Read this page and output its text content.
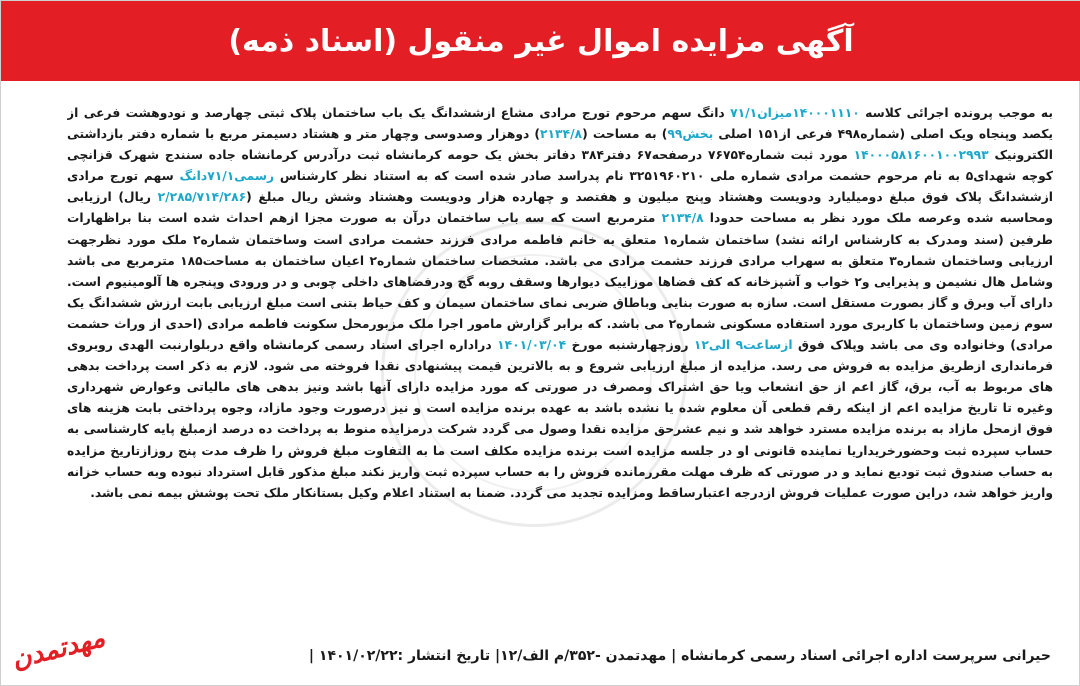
آگهی مزایده اموال غیر منقول (اسناد ذمه)
به موجب پرونده اجرائی کلاسه ۱۴۰۰۰۱۱۱۰میزان۷۱/۱ دانگ سهم مرحوم تورج مرادی مشاع ازششدانگ یک باب ساختمان پلاک ثبتی چهارصد و نودوهشت فرعی از یکصد وپنجاه ویک اصلی (شماره۴۹۸ فرعی از۱۵۱ اصلی بخش۹۹) به مساحت (۲۱۳۴/۸) دوهزار وصدوسی وچهار متر و هشتاد دسیمتر مربع با شماره دفتر بازداشتی الکترونیک ۱۴۰۰۰۵۸۱۶۰۰۱۰۰۲۹۹۳ مورد ثبت شماره۷۶۷۵۴ درصفحه۶۷ دفتر۳۸۴ دفاتر بخش یک حومه کرمانشاه ثبت درآدرس کرمانشاه جاده سنندج شهرک قزانچی کوچه شهدای۵ به نام مرحوم حشمت مرادی شماره ملی ۳۲۵۱۹۶۰۲۱۰ نام پدراسد صادر شده است که به استناد نظر کارشناس رسمی۷۱/۱دانگ سهم تورج مرادی ازششدانگ پلاک فوق مبلغ دومیلیارد ودویست وهشتاد وپنج میلیون و هفتصد و چهارده هزار ودویست وهشتاد وشش ریال مبلغ (۲/۲۸۵/۷۱۴/۲۸۶ ریال) ارزیابی ومحاسبه شده وعرصه ملک مورد نظر به مساحت حدودا ۲۱۳۴/۸ مترمربع است که سه باب ساختمان درآن به صورت مجزا ازهم احداث شده است بنا براظهارات طرفین (سند ومدرک به کارشناس ارائه نشد) ساختمان شماره۱ متعلق به خانم فاطمه مرادی فرزند حشمت مرادی است وساختمان شماره۲ ملک مورد نظرجهت ارزیابی وساختمان شماره۳ متعلق به سهراب مرادی فرزند حشمت مرادی می باشد. مشخصات ساختمان شماره۲ اعیان ساختمان به مساحت۱۸۵ مترمربع می باشد وشامل هال نشیمن و پذیرایی و۲ خواب و آشپزخانه که کف فضاها موزاییک دیوارها وسقف روبه گچ ودرفضاهای داخلی چوبی و در ورودی وپنجره ها آلومینیوم است. دارای آب وبرق و گاز بصورت مستقل است. سازه به صورت بنایی وباطاق ضربی نمای ساختمان سیمان و کف حیاط بتنی است مبلغ ارزیابی بابت ارزش ششدانگ یک سوم زمین وساختمان با کاربری مورد استفاده مسکونی شماره۲ می باشد. که برابر گزارش مامور اجرا ملک مزبورمحل سکونت فاطمه مرادی (احدی از وراث حشمت مرادی) وخانواده وی می باشد وپلاک فوق ازساعت۹ الی۱۲ روزچهارشنبه مورخ ۱۴۰۱/۰۳/۰۴ دراداره اجرای اسناد رسمی کرمانشاه واقع دربلوارنبت الهدی روبروی فرمانداری ازطریق مزایده به فروش می رسد. مزایده از مبلغ ارزیابی شروع و به بالاترین قیمت پیشنهادی نقدا فروخته می شود. لازم به ذکر است پرداخت بدهی های مربوط به آب، برق، گاز اعم از حق انشعاب ویا حق اشتراک ومصرف در صورتی که مورد مزایده دارای آنها باشد ونیز بدهی های مالیاتی وعوارض شهرداری وغیره تا تاریخ مزایده اعم از اینکه رقم قطعی آن معلوم شده یا نشده باشد به عهده برنده مزایده است و نیز درصورت وجود مازاد، وجوه پرداختی بابت هزینه های فوق ازمحل مازاد به برنده مزایده مسترد خواهد شد و نیم عشرحق مزایده نقدا وصول می گردد شرکت درمزایده منوط به پرداخت ده درصد ازمبلغ پایه کارشناسی به حساب سپرده ثبت وحضورخریداریا نماینده قانونی او در جلسه مزایده است برنده مزایده مکلف است ما به التفاوت مبلغ فروش را ظرف مدت پنج روزازتاریخ مزایده به حساب صندوق ثبت تودیع نماید و در صورتی که ظرف مهلت مقررمانده فروش را به حساب سپرده ثبت واریز نکند مبلغ مذکور قابل استرداد نبوده وبه حساب خزانه واریز خواهد شد، دراین صورت عملیات فروش ازدرجه اعتبارساقط ومزایده تجدید می گردد. ضمنا به استناد اعلام وکیل بستانکار ملک تحت پوشش بیمه نمی باشد.
حیرانی سرپرست اداره اجرائی اسناد رسمی کرمانشاه | مهدتمدن -۳۵۲/م الف/۱۲| تاریخ انتشار :۱۴۰۱/۰۲/۲۲ |
مهدتمدن
